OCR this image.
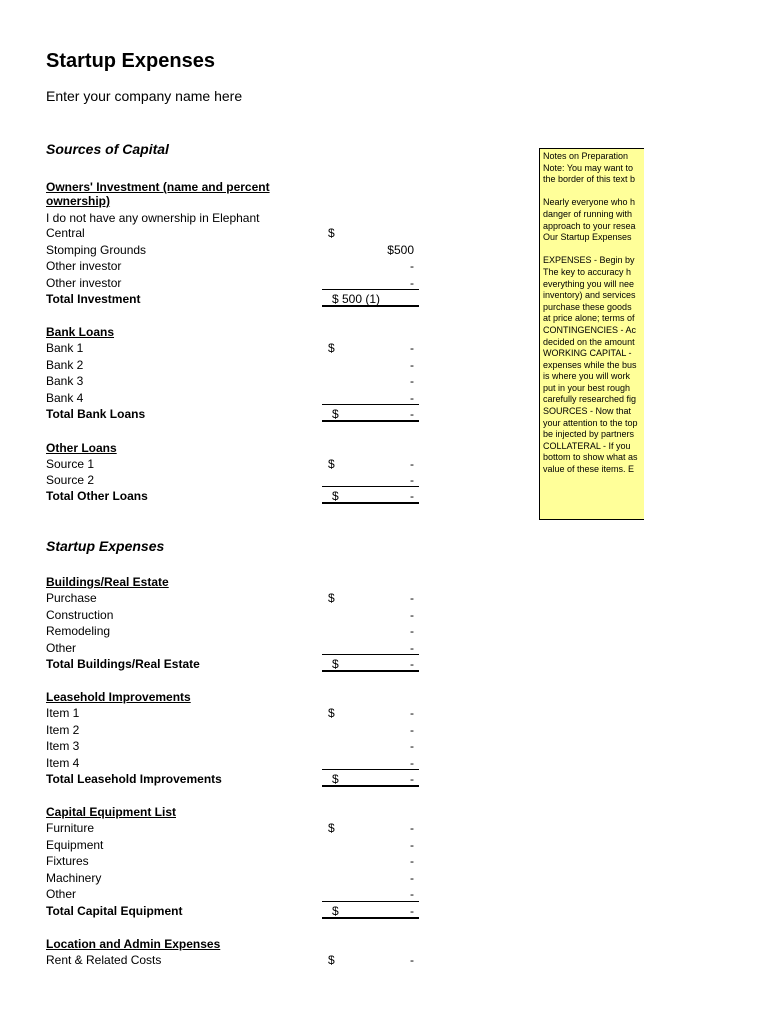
Startup Expenses
Enter your company name here
Sources of Capital
Owners' Investment (name and percent
ownership)
I do not have any ownership in Elephant
Central	$
Stomping Grounds	$500
Other investor	-
Other investor	-
Total Investment	$ 500 (1)
Bank Loans
Bank 1	$	-
Bank 2	-
Bank 3	-
Bank 4	-
Total Bank Loans	$	-
Other Loans
Source 1	$	-
Source 2	-
Total Other Loans	$	-
Startup Expenses
Buildings/Real Estate
Purchase	$	-
Construction	-
Remodeling	-
Other	-
Total Buildings/Real Estate	$	-
Leasehold Improvements
Item 1	$	-
Item 2	-
Item 3	-
Item 4	-
Total Leasehold Improvements	$	-
Capital Equipment List
Furniture	$	-
Equipment	-
Fixtures	-
Machinery	-
Other	-
Total Capital Equipment	$	-
Location and Admin Expenses
Rent & Related Costs	$	-
Notes on Preparation
Note: You may want to
the border of this text b
Nearly everyone who h
danger of running with
approach to your resea
Our Startup Expenses
EXPENSES - Begin by
The key to accuracy h
everything you will nee
inventory) and services
purchase these goods
at price alone; terms of
CONTINGENCIES - Ac
decided on the amount
WORKING CAPITAL -
expenses while the bus
is where you will work
put in your best rough
carefully researched fig
SOURCES - Now that
your attention to the top
be injected by partners
COLLATERAL - If you
bottom to show what as
value of these items. E
